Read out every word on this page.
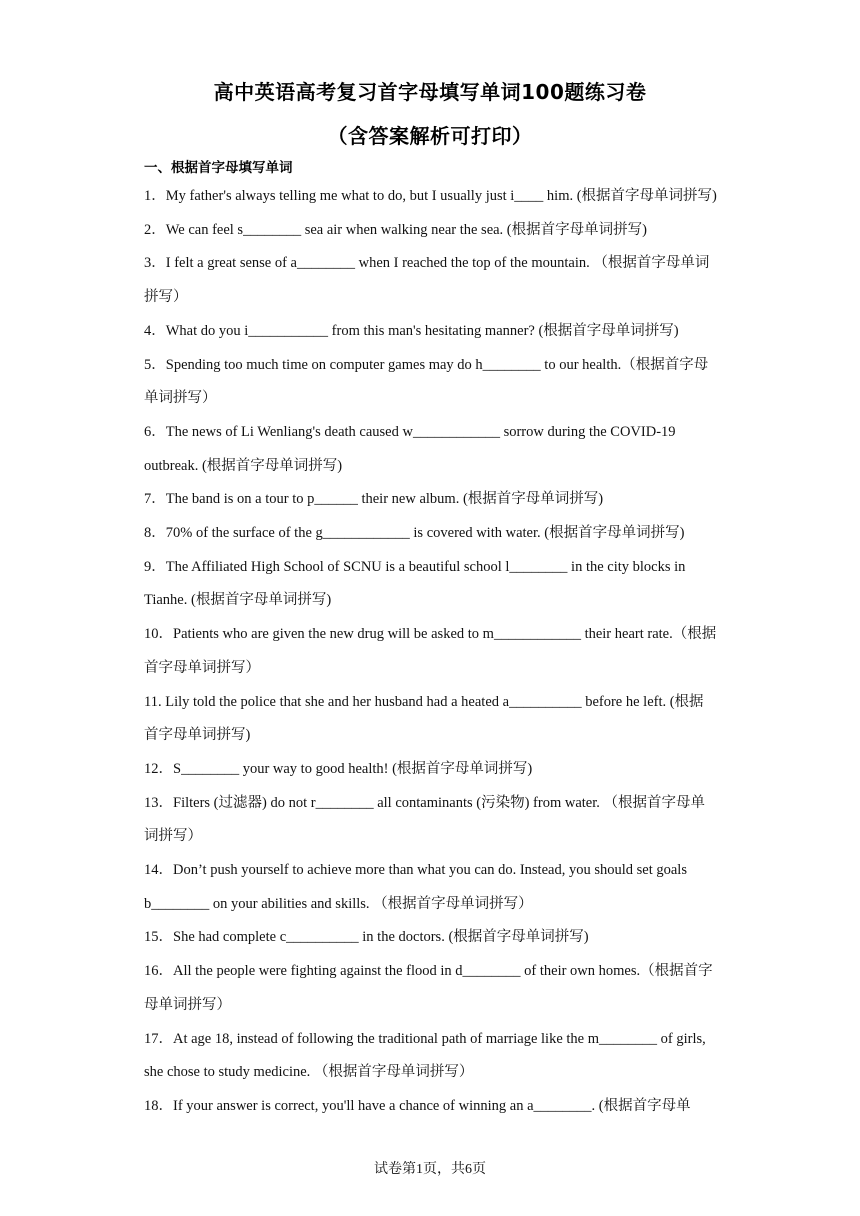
高中英语高考复习首字母填写单词100题练习卷
（含答案解析可打印）
一、根据首字母填写单词

1．My father's always telling me what to do, but I usually just i____ him. (根据首字母单词拼写)

2．We can feel s________ sea air when walking near the sea. (根据首字母单词拼写)

3．I felt a great sense of a________ when I reached the top of the mountain. （根据首字母单词拼写）

4．What do you i___________ from this man's hesitating manner? (根据首字母单词拼写)

5．Spending too much time on computer games may do h________ to our health.（根据首字母单词拼写）

6．The news of Li Wenliang's death caused w____________ sorrow during the COVID-19 outbreak. (根据首字母单词拼写)

7．The band is on a tour to p______ their new album. (根据首字母单词拼写)

8．70% of the surface of the g____________ is covered with water. (根据首字母单词拼写)

9．The Affiliated High School of SCNU is a beautiful school l________ in the city blocks in Tianhe. (根据首字母单词拼写)

10．Patients who are given the new drug will be asked to m____________ their heart rate.（根据首字母单词拼写）

11. Lily told the police that she and her husband had a heated a__________ before he left. (根据首字母单词拼写)

12．S________ your way to good health! (根据首字母单词拼写)

13．Filters (过滤器) do not r________ all contaminants (污染物) from water. （根据首字母单词拼写）

14．Don’t push yourself to achieve more than what you can do. Instead, you should set goals b________ on your abilities and skills. （根据首字母单词拼写）

15．She had complete c__________ in the doctors. (根据首字母单词拼写)

16．All the people were fighting against the flood in d________ of their own homes.（根据首字母单词拼写）

17．At age 18, instead of following the traditional path of marriage like the m________ of girls, she chose to study medicine. （根据首字母单词拼写）

18．If your answer is correct, you'll have a chance of winning an a________. (根据首字母单

试卷第1页，共6页
